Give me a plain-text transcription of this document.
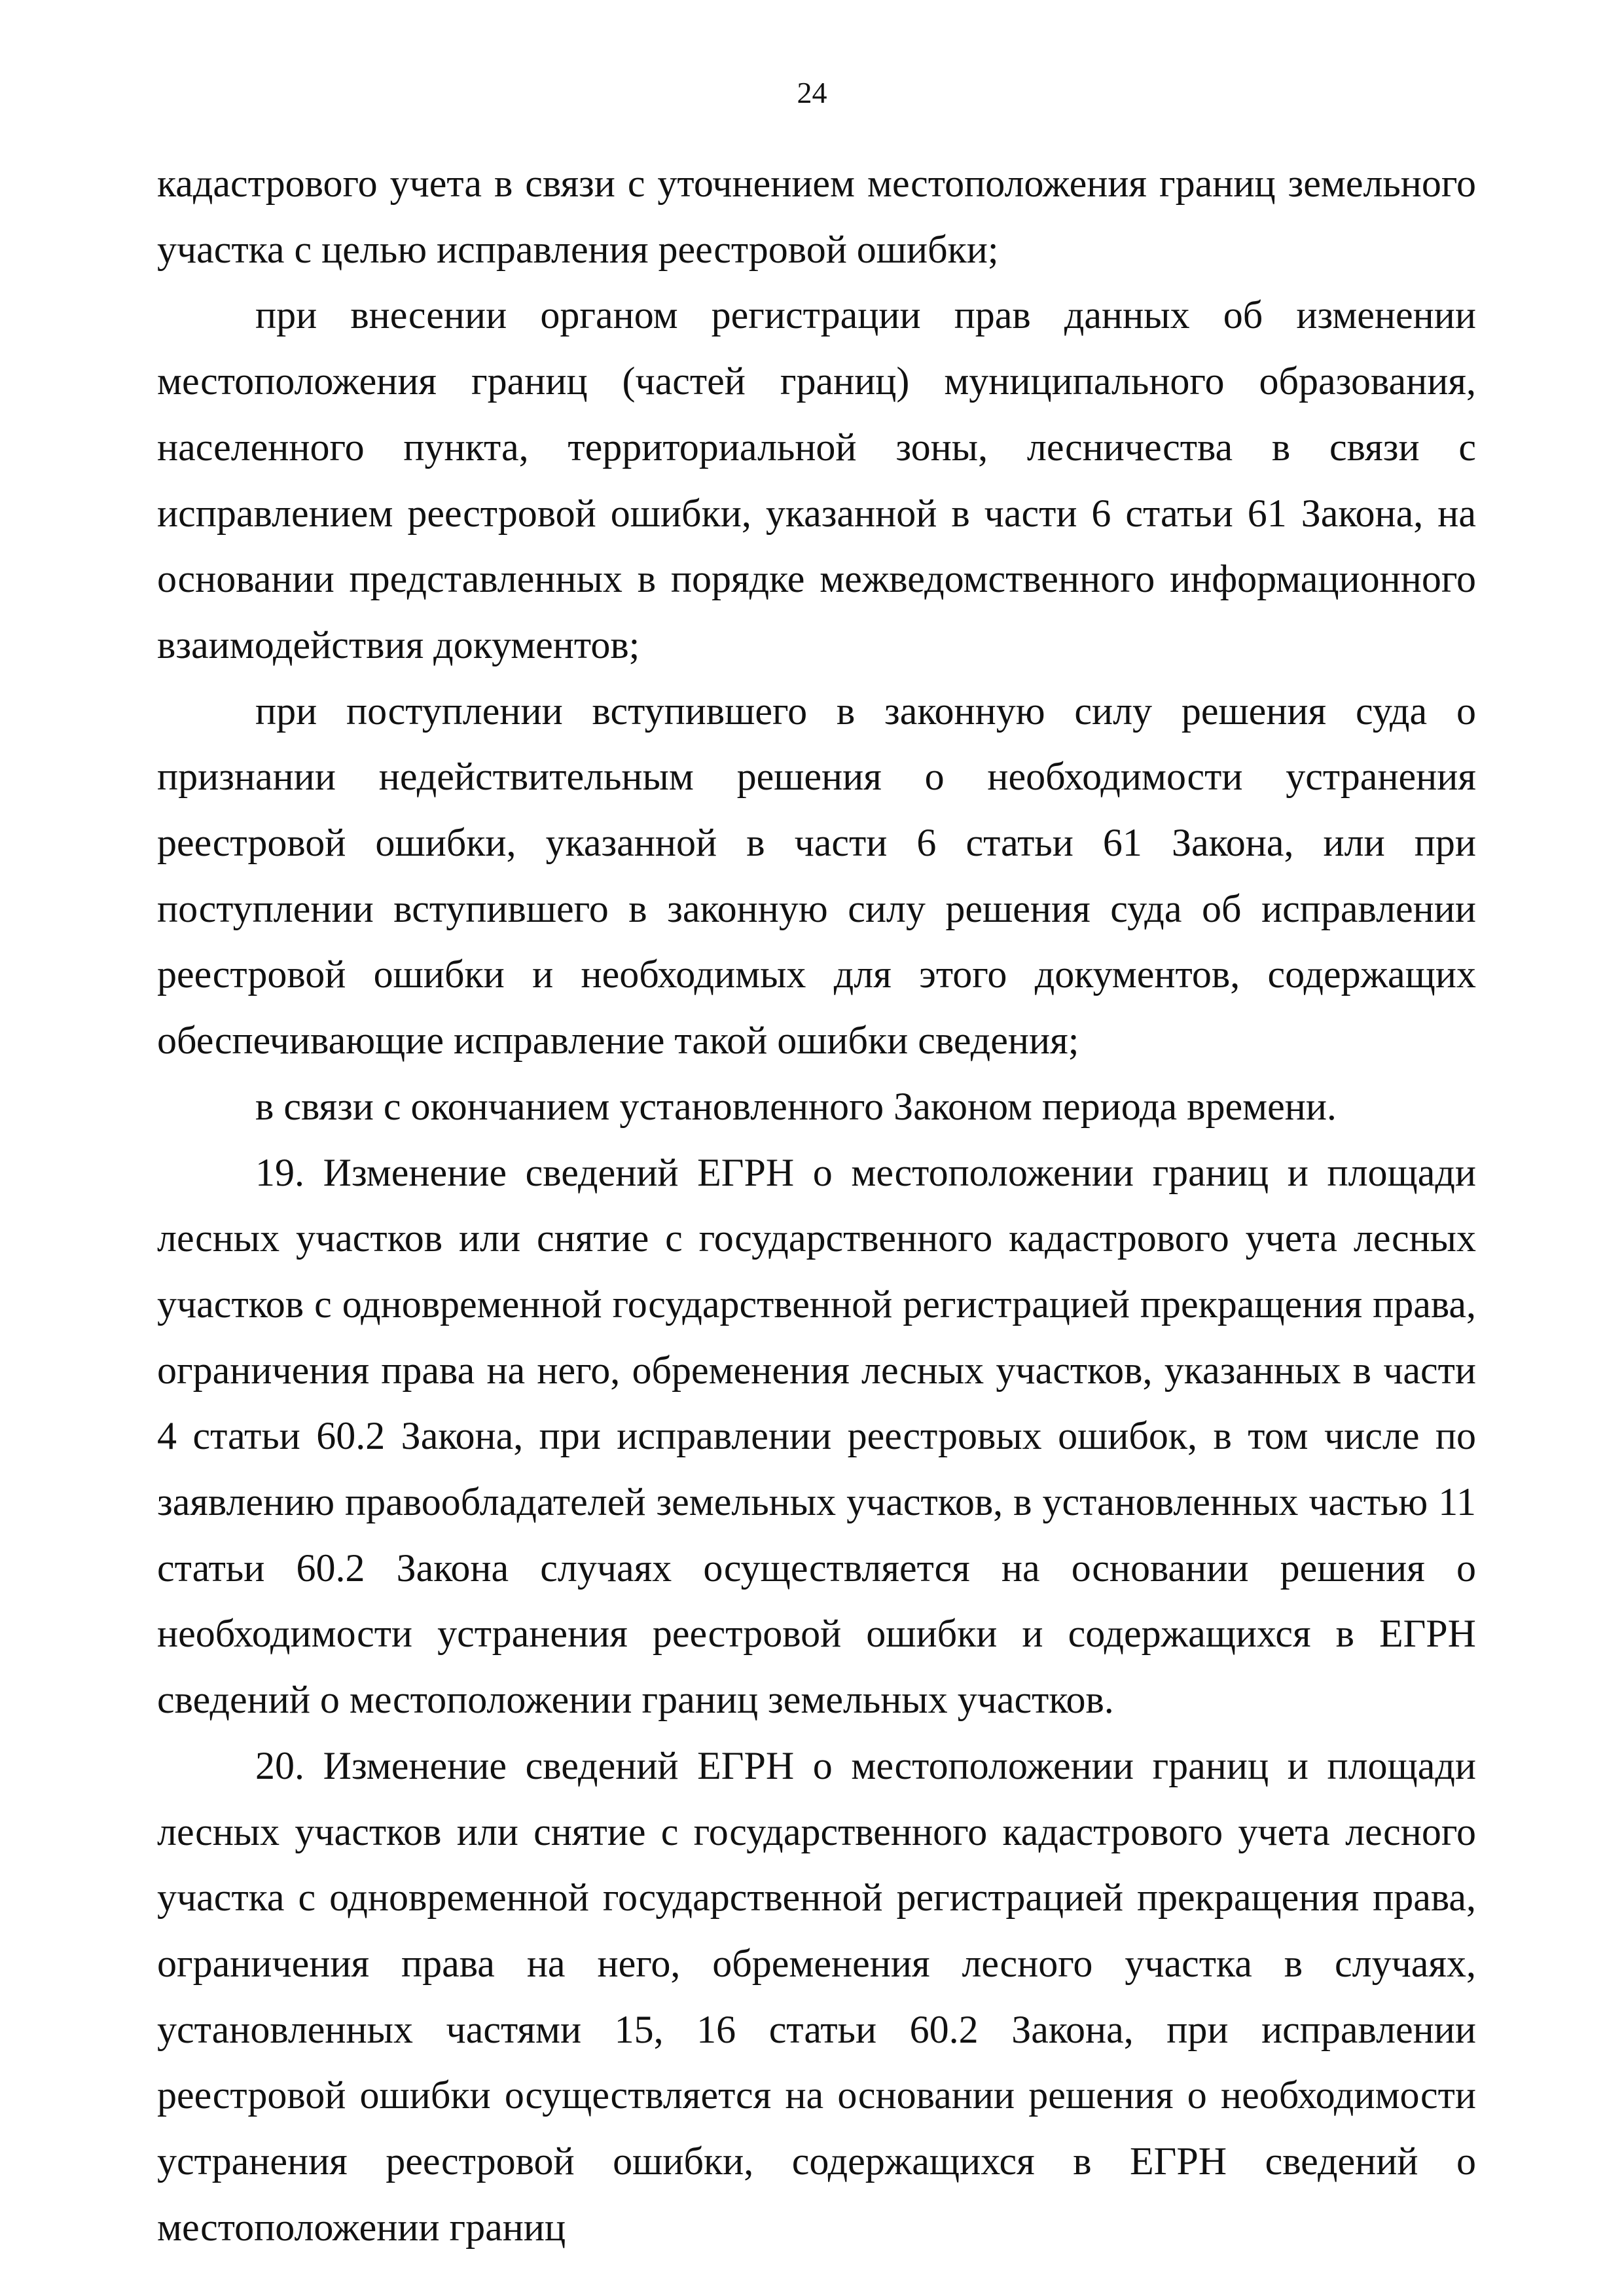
24

кадастрового учета в связи с уточнением местоположения границ земельного участка с целью исправления реестровой ошибки;

при внесении органом регистрации прав данных об изменении местоположения границ (частей границ) муниципального образования, населенного пункта, территориальной зоны, лесничества в связи с исправлением реестровой ошибки, указанной в части 6 статьи 61 Закона, на основании представленных в порядке межведомственного информационного взаимодействия документов;

при поступлении вступившего в законную силу решения суда о признании недействительным решения о необходимости устранения реестровой ошибки, указанной в части 6 статьи 61 Закона, или при поступлении вступившего в законную силу решения суда об исправлении реестровой ошибки и необходимых для этого документов, содержащих обеспечивающие исправление такой ошибки сведения;

в связи с окончанием установленного Законом периода времени.

19. Изменение сведений ЕГРН о местоположении границ и площади лесных участков или снятие с государственного кадастрового учета лесных участков с одновременной государственной регистрацией прекращения права, ограничения права на него, обременения лесных участков, указанных в части 4 статьи 60.2 Закона, при исправлении реестровых ошибок, в том числе по заявлению правообладателей земельных участков, в установленных частью 11 статьи 60.2 Закона случаях осуществляется на основании решения о необходимости устранения реестровой ошибки и содержащихся в ЕГРН сведений о местоположении границ земельных участков.

20. Изменение сведений ЕГРН о местоположении границ и площади лесных участков или снятие с государственного кадастрового учета лесного участка с одновременной государственной регистрацией прекращения права, ограничения права на него, обременения лесного участка в случаях, установленных частями 15, 16 статьи 60.2 Закона, при исправлении реестровой ошибки осуществляется на основании решения о необходимости устранения реестровой ошибки, содержащихся в ЕГРН сведений о местоположении границ
